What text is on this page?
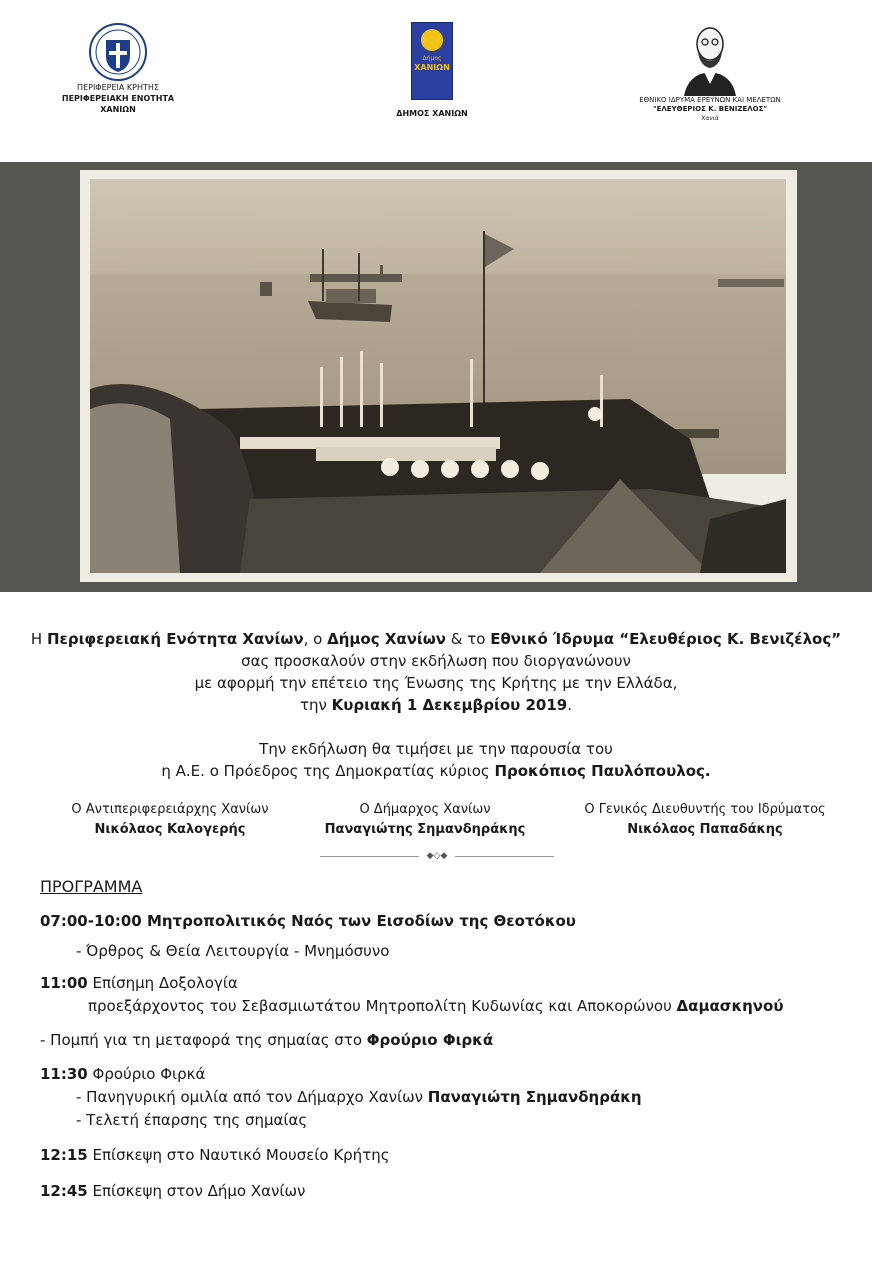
ΠΕΡΙΦΕΡΕΙΑ ΚΡΗΤΗΣ
ΠΕΡΙΦΕΡΕΙΑΚΗ ΕΝΟΤΗΤΑ
ΧΑΝΙΩΝ
Δήμος
ΧΑΝΙΩΝ
ΔΗΜΟΣ ΧΑΝΙΩΝ
ΕΘΝΙΚΟ ΙΔΡΥΜΑ ΕΡΕΥΝΩΝ ΚΑΙ ΜΕΛΕΤΩΝ
"ΕΛΕΥΘΕΡΙΟΣ Κ. ΒΕΝΙΖΕΛΟΣ"
Χανιά

Η Περιφερειακή Ενότητα Χανίων, ο Δήμος Χανίων & το Εθνικό Ίδρυμα “Ελευθέριος Κ. Βενιζέλος”

σας προσκαλούν στην εκδήλωση που διοργανώνουν

με αφορμή την επέτειο της Ένωσης της Κρήτης με την Ελλάδα,

την Κυριακή 1 Δεκεμβρίου 2019.

Την εκδήλωση θα τιμήσει με την παρουσία του

η Α.Ε. ο Πρόεδρος της Δημοκρατίας κύριος Προκόπιος Παυλόπουλος.

Ο Αντιπεριφερειάρχης Χανίων
Νικόλαος Καλογερής
Ο Δήμαρχος Χανίων
Παναγιώτης Σημανδηράκης
Ο Γενικός Διευθυντής του Ιδρύματος
Νικόλαος Παπαδάκης
◆◇◆
ΠΡΟΓΡΑΜΜΑ
07:00-10:00 Μητροπολιτικός Ναός των Εισοδίων της Θεοτόκου
- Όρθρος & Θεία Λειτουργία - Μνημόσυνο
11:00 Επίσημη Δοξολογία
προεξάρχοντος του Σεβασμιωτάτου Μητροπολίτη Κυδωνίας και Αποκορώνου Δαμασκηνού
- Πομπή για τη μεταφορά της σημαίας στο Φρούριο Φιρκά
11:30 Φρούριο Φιρκά
- Πανηγυρική ομιλία από τον Δήμαρχο Χανίων Παναγιώτη Σημανδηράκη
- Τελετή έπαρσης της σημαίας
12:15 Επίσκεψη στο Ναυτικό Μουσείο Κρήτης
12:45 Επίσκεψη στον Δήμο Χανίων
